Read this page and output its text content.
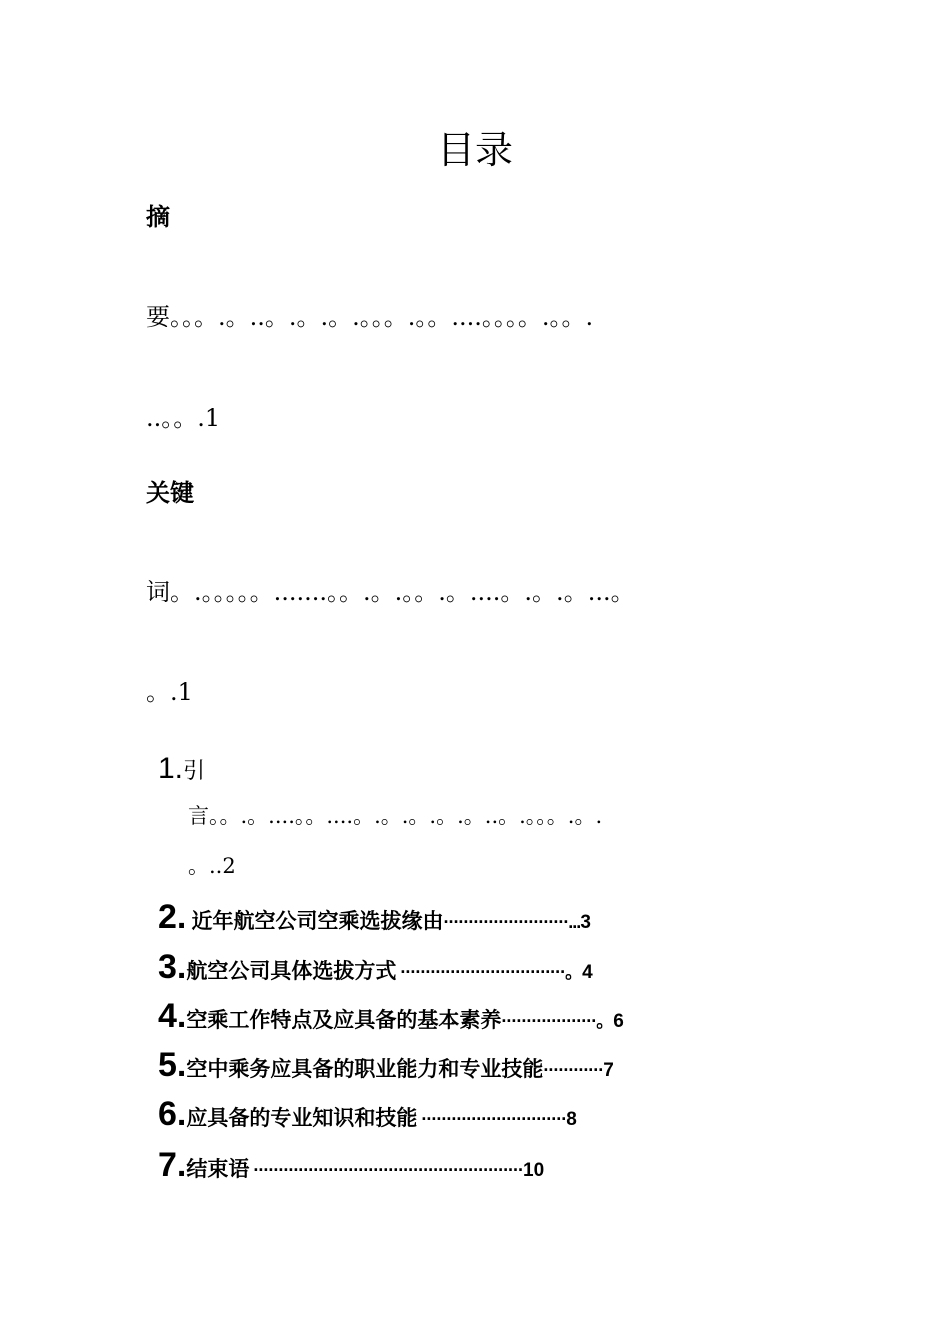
目录
摘
要。。。.。..。.。.。.。。。.。。....。。。。.。。.
..。。.1
关键
词。.。。。。。.......。。.。.。。.。....。.。.。...。
。.1
1.引
言。。.。....。。....。.。.。.。.。..。.。。。.。.
。..2
2. 近年航空公司空乘选拔缘由·························...3
3.航空公司具体选拔方式 ·································。4
4.空乘工作特点及应具备的基本素养···················。6
5.空中乘务应具备的职业能力和专业技能············7
6.应具备的专业知识和技能 ·····························8
7.结束语 ······················································10
